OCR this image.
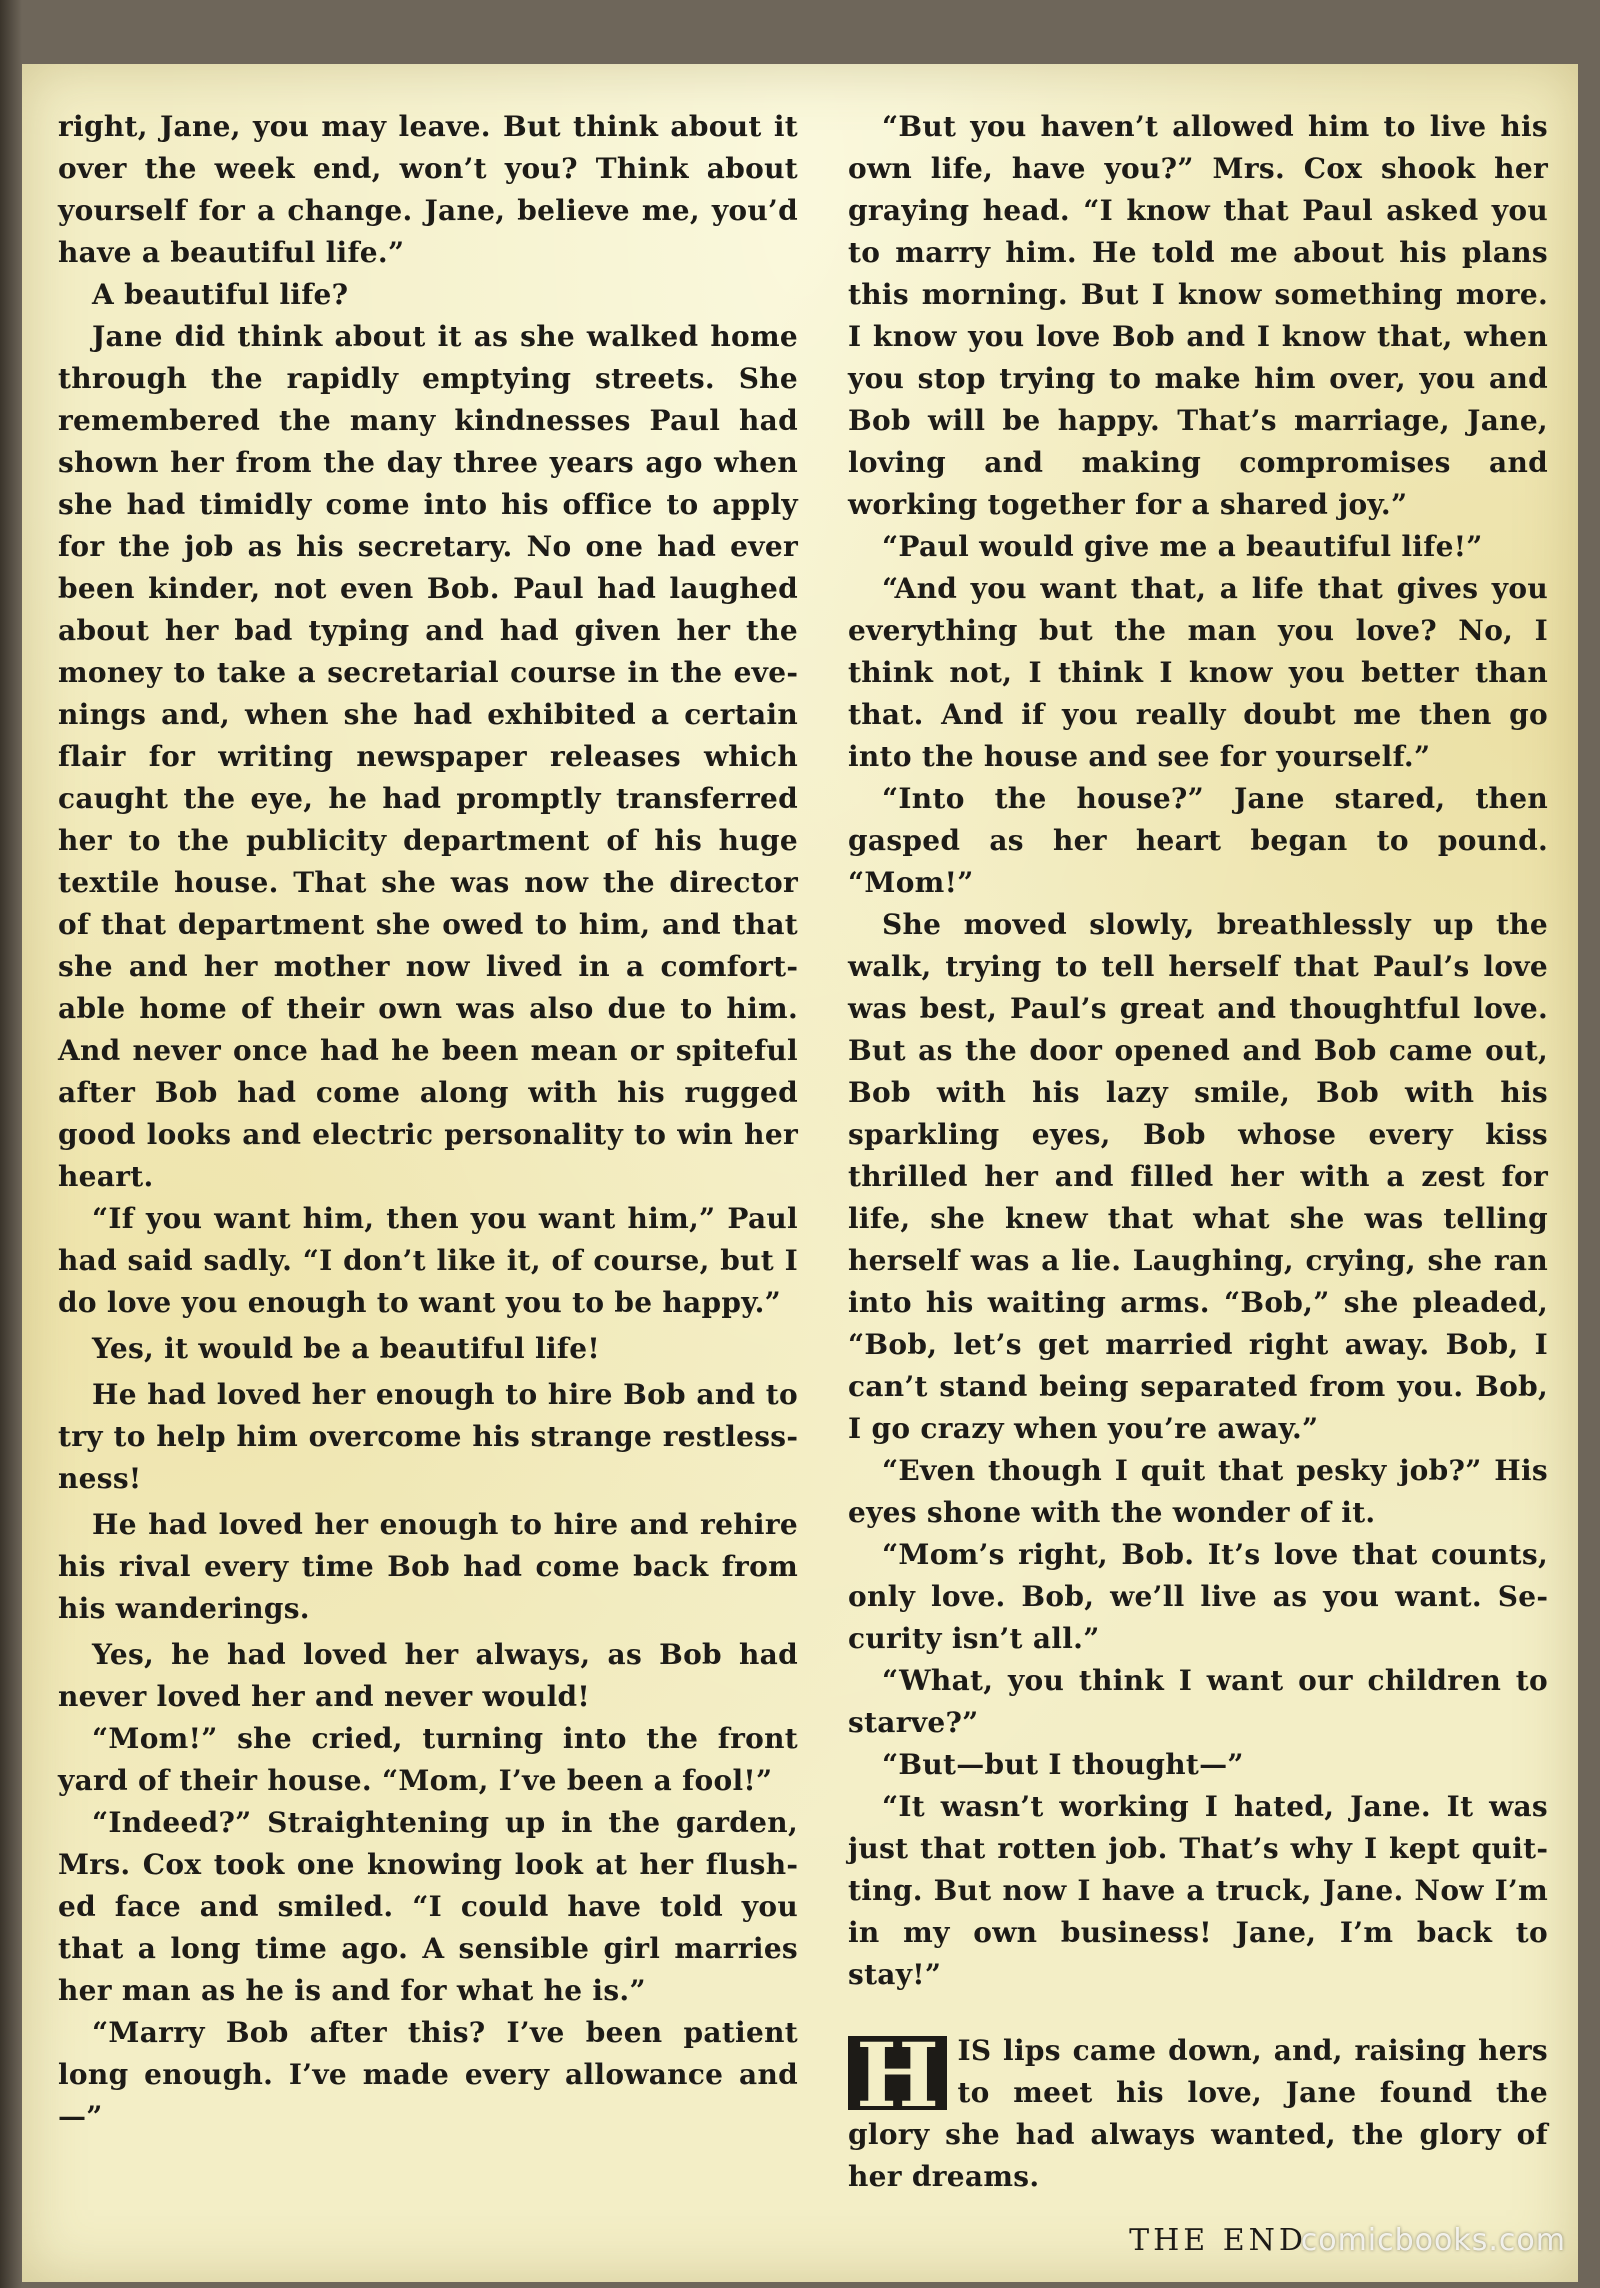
right, Jane, you may leave. But think about it over the week end, won’t you? Think about yourself for a change. Jane, believe me, you’d have a beautiful life.”

A beautiful life?

Jane did think about it as she walked home through the rapidly emptying streets. She remembered the many kindnesses Paul had shown her from the day three years ago when she had timidly come into his office to apply for the job as his secretary. No one had ever been kinder, not even Bob. Paul had laughed about her bad typing and had given her the money to take a secretarial course in the evenings and, when she had exhibited a certain flair for writing newspaper releases which caught the eye, he had promptly transferred her to the publicity department of his huge textile house. That she was now the director of that department she owed to him, and that she and her mother now lived in a comfortable home of their own was also due to him. And never once had he been mean or spiteful after Bob had come along with his rugged good looks and electric personality to win her heart.

“If you want him, then you want him,” Paul had said sadly. “I don’t like it, of course, but I do love you enough to want you to be happy.”

Yes, it would be a beautiful life!

He had loved her enough to hire Bob and to try to help him overcome his strange restlessness!

He had loved her enough to hire and rehire his rival every time Bob had come back from his wanderings.

Yes, he had loved her always, as Bob had never loved her and never would!

“Mom!” she cried, turning into the front yard of their house. “Mom, I’ve been a fool!”

“Indeed?” Straightening up in the garden, Mrs. Cox took one knowing look at her flushed face and smiled. “I could have told you that a long time ago. A sensible girl marries her man as he is and for what he is.”

“Marry Bob after this? I’ve been patient long enough. I’ve made every allowance and—”

“But you haven’t allowed him to live his own life, have you?” Mrs. Cox shook her graying head. “I know that Paul asked you to marry him. He told me about his plans this morning. But I know something more. I know you love Bob and I know that, when you stop trying to make him over, you and Bob will be happy. That’s marriage, Jane, loving and making compromises and working together for a shared joy.”

“Paul would give me a beautiful life!”

“And you want that, a life that gives you everything but the man you love? No, I think not, I think I know you better than that. And if you really doubt me then go into the house and see for yourself.”

“Into the house?” Jane stared, then gasped as her heart began to pound. “Mom!”

She moved slowly, breathlessly up the walk, trying to tell herself that Paul’s love was best, Paul’s great and thoughtful love. But as the door opened and Bob came out, Bob with his lazy smile, Bob with his sparkling eyes, Bob whose every kiss thrilled her and filled her with a zest for life, she knew that what she was telling herself was a lie. Laughing, crying, she ran into his waiting arms. “Bob,” she pleaded, “Bob, let’s get married right away. Bob, I can’t stand being separated from you. Bob, I go crazy when you’re away.”

“Even though I quit that pesky job?” His eyes shone with the wonder of it.

“Mom’s right, Bob. It’s love that counts, only love. Bob, we’ll live as you want. Security isn’t all.”

“What, you think I want our children to starve?”

“But—but I thought—”

“It wasn’t working I hated, Jane. It was just that rotten job. That’s why I kept quitting. But now I have a truck, Jane. Now I’m in my own business! Jane, I’m back to stay!”

H IS lips came down, and, raising hers to meet his love, Jane found the glory she had always wanted, the glory of her dreams.

THE END
comicbooks.com
